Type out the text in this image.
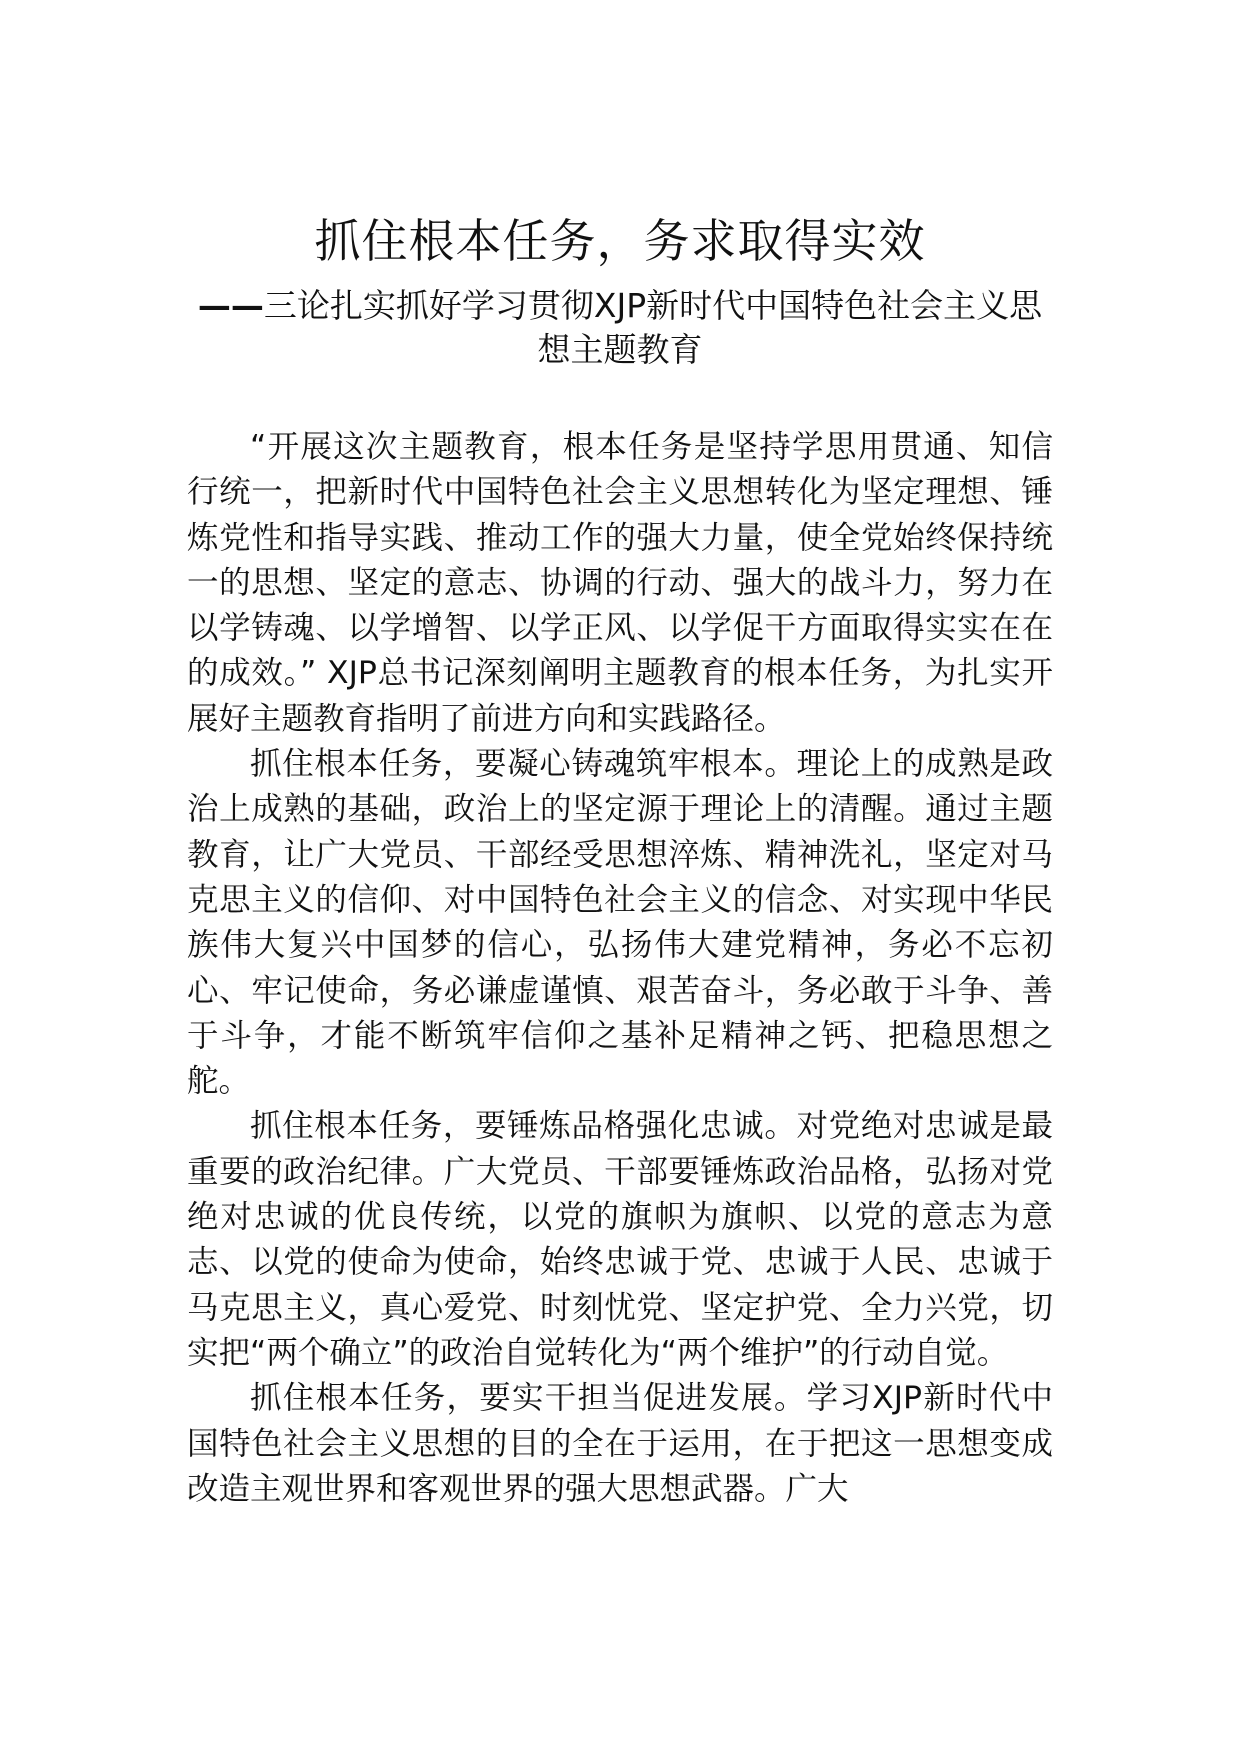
抓住根本任务，务求取得实效
——三论扎实抓好学习贯彻XJP新时代中国特色社会主义思想主题教育

“开展这次主题教育，根本任务是坚持学思用贯通、知信行统一，把新时代中国特色社会主义思想转化为坚定理想、锤炼党性和指导实践、推动工作的强大力量，使全党始终保持统一的思想、坚定的意志、协调的行动、强大的战斗力，努力在以学铸魂、以学增智、以学正风、以学促干方面取得实实在在的成效。” XJP总书记深刻阐明主题教育的根本任务，为扎实开展好主题教育指明了前进方向和实践路径。

抓住根本任务，要凝心铸魂筑牢根本。理论上的成熟是政治上成熟的基础，政治上的坚定源于理论上的清醒。通过主题教育，让广大党员、干部经受思想淬炼、精神洗礼，坚定对马克思主义的信仰、对中国特色社会主义的信念、对实现中华民族伟大复兴中国梦的信心，弘扬伟大建党精神，务必不忘初心、牢记使命，务必谦虚谨慎、艰苦奋斗，务必敢于斗争、善于斗争，才能不断筑牢信仰之基补足精神之钙、把稳思想之舵。

抓住根本任务，要锤炼品格强化忠诚。对党绝对忠诚是最重要的政治纪律。广大党员、干部要锤炼政治品格，弘扬对党绝对忠诚的优良传统，以党的旗帜为旗帜、以党的意志为意志、以党的使命为使命，始终忠诚于党、忠诚于人民、忠诚于马克思主义，真心爱党、时刻忧党、坚定护党、全力兴党，切实把“两个确立”的政治自觉转化为“两个维护”的行动自觉。

抓住根本任务，要实干担当促进发展。学习XJP新时代中国特色社会主义思想的目的全在于运用，在于把这一思想变成改造主观世界和客观世界的强大思想武器。广大
